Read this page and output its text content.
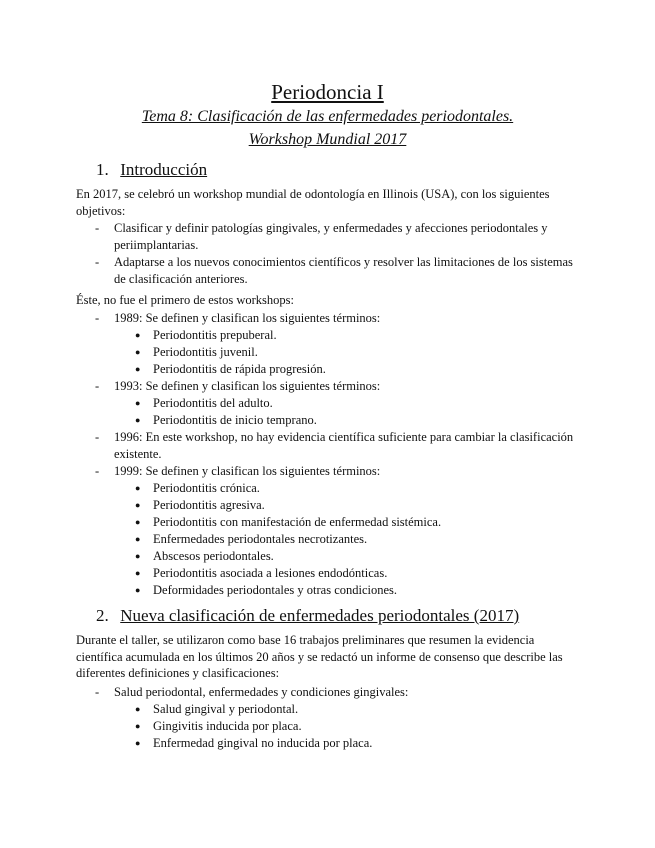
Periodoncia I
Tema 8: Clasificación de las enfermedades periodontales.
Workshop Mundial 2017
1. Introducción
En 2017, se celebró un workshop mundial de odontología en Illinois (USA), con los siguientes objetivos:
- Clasificar y definir patologías gingivales, y enfermedades y afecciones periodontales y periimplantarias.
- Adaptarse a los nuevos conocimientos científicos y resolver las limitaciones de los sistemas de clasificación anteriores.
Éste, no fue el primero de estos workshops:
- 1989: Se definen y clasifican los siguientes términos:
● Periodontitis prepuberal.
● Periodontitis juvenil.
● Periodontitis de rápida progresión.
- 1993: Se definen y clasifican los siguientes términos:
● Periodontitis del adulto.
● Periodontitis de inicio temprano.
- 1996: En este workshop, no hay evidencia científica suficiente para cambiar la clasificación existente.
- 1999: Se definen y clasifican los siguientes términos:
● Periodontitis crónica.
● Periodontitis agresiva.
● Periodontitis con manifestación de enfermedad sistémica.
● Enfermedades periodontales necrotizantes.
● Abscesos periodontales.
● Periodontitis asociada a lesiones endodónticas.
● Deformidades periodontales y otras condiciones.
2. Nueva clasificación de enfermedades periodontales (2017)
Durante el taller, se utilizaron como base 16 trabajos preliminares que resumen la evidencia científica acumulada en los últimos 20 años y se redactó un informe de consenso que describe las diferentes definiciones y clasificaciones:
- Salud periodontal, enfermedades y condiciones gingivales:
● Salud gingival y periodontal.
● Gingivitis inducida por placa.
● Enfermedad gingival no inducida por placa.
